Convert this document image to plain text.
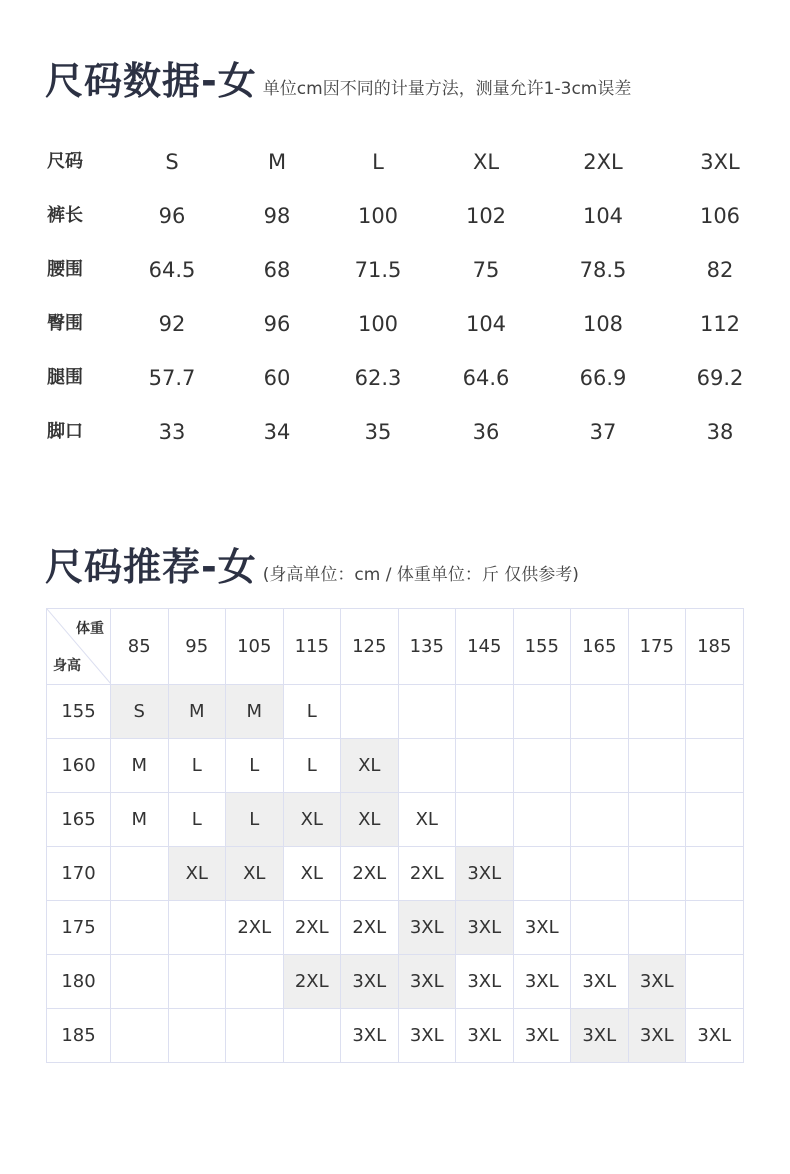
尺码数据-女 单位cm因不同的计量方法，测量允许1-3cm误差
尺码	S	M	L	XL	2XL	3XL
裤长	96	98	100	102	104	106
腰围	64.5	68	71.5	75	78.5	82
臀围	92	96	100	104	108	112
腿围	57.7	60	62.3	64.6	66.9	69.2
脚口	33	34	35	36	37	38
尺码推荐-女 (身高单位：cm / 体重单位：斤 仅供参考)
体重
身高	85	95	105	115	125	135	145	155	165	175	185
155	S	M	M	L							
160	M	L	L	L	XL						
165	M	L	L	XL	XL	XL					
170		XL	XL	XL	2XL	2XL	3XL				
175			2XL	2XL	2XL	3XL	3XL	3XL			
180				2XL	3XL	3XL	3XL	3XL	3XL	3XL	
185					3XL	3XL	3XL	3XL	3XL	3XL	3XL
